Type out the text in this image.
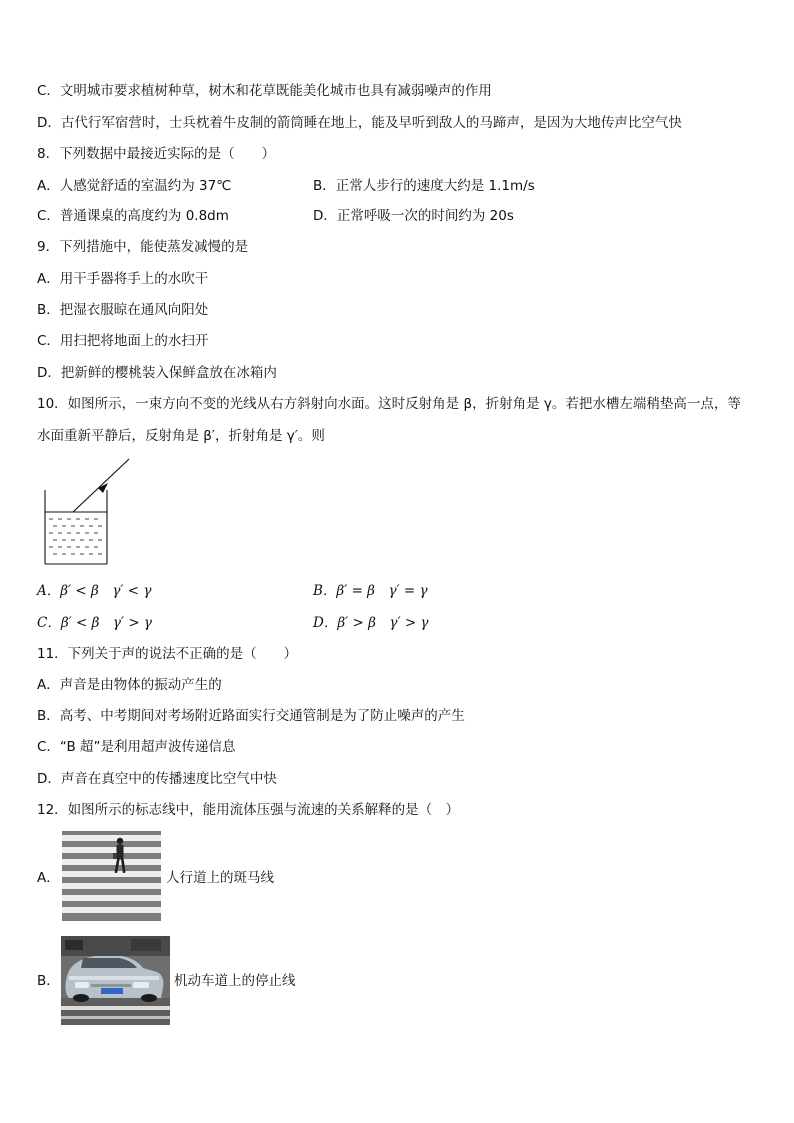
C．文明城市要求植树种草，树木和花草既能美化城市也具有减弱噪声的作用
D．古代行军宿营时，士兵枕着牛皮制的箭筒睡在地上，能及早听到敌人的马蹄声，是因为大地传声比空气快
8．下列数据中最接近实际的是（　　）
A．人感觉舒适的室温约为 37℃	B．正常人步行的速度大约是 1.1m/s
C．普通课桌的高度约为 0.8dm	D．正常呼吸一次的时间约为 20s
9．下列措施中，能使蒸发减慢的是
A．用干手器将手上的水吹干
B．把湿衣服晾在通风向阳处
C．用扫把将地面上的水扫开
D．把新鲜的樱桃装入保鲜盒放在冰箱内
10．如图所示，一束方向不变的光线从右方斜射向水面。这时反射角是 β，折射角是 γ。若把水槽左端稍垫高一点，等
水面重新平静后，反射角是 β′，折射角是 γ′。则
A．β′ < β　γ′ < γ	B．β′ = β　γ′ = γ
C．β′ < β　γ′ > γ	D．β′ > β　γ′ > γ
11．下列关于声的说法不正确的是（　　）
A．声音是由物体的振动产生的
B．高考、中考期间对考场附近路面实行交通管制是为了防止噪声的产生
C．“B 超”是利用超声波传递信息
D．声音在真空中的传播速度比空气中快
12．如图所示的标志线中，能用流体压强与流速的关系解释的是（　）
A．	人行道上的斑马线
B．	机动车道上的停止线
